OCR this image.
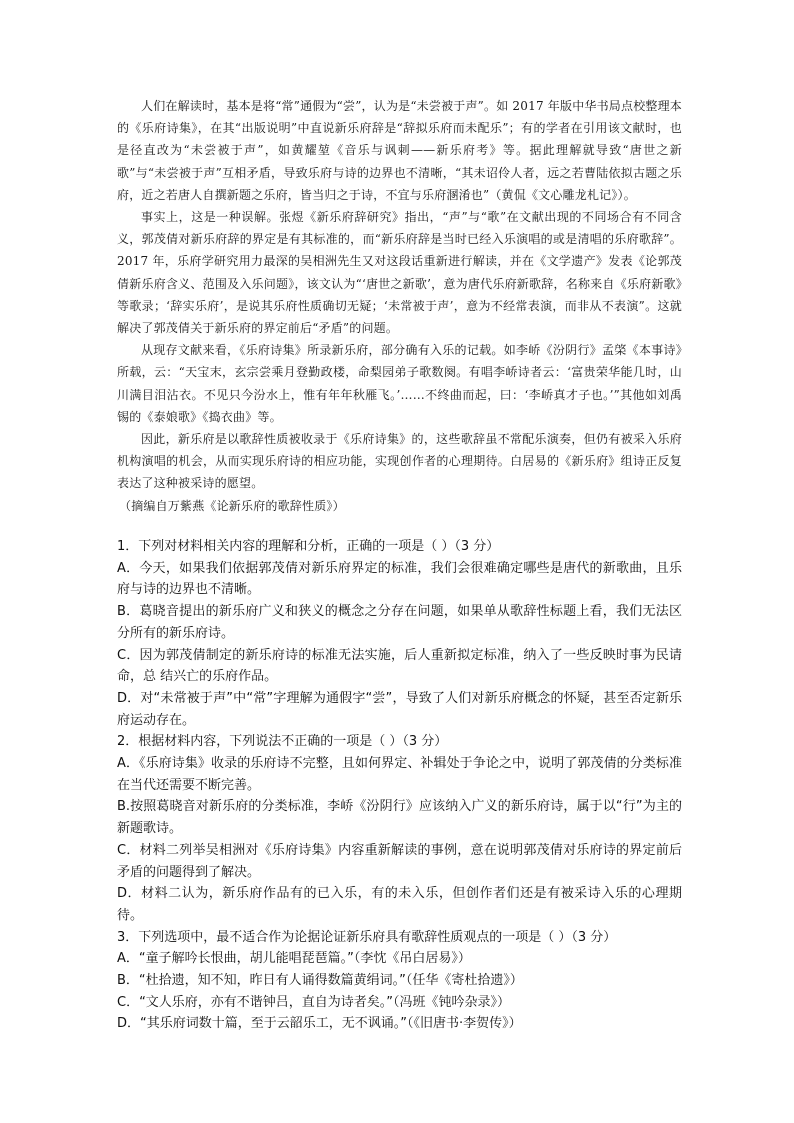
人们在解读时，基本是将“常”通假为“尝”，认为是“未尝被于声”。如 2017 年版中华书局点校整理本的《乐府诗集》，在其“出版说明”中直说新乐府辞是“辞拟乐府而未配乐”；有的学者在引用该文献时，也是径直改为“未尝被于声”，如黄耀堃《音乐与讽刺——新乐府考》等。据此理解就导致“唐世之新歌”与“未尝被于声”互相矛盾，导致乐府与诗的边界也不清晰，“其未诏伶人者，远之若曹陆依拟古题之乐府，近之若唐人自撰新题之乐府，皆当归之于诗，不宜与乐府溷淆也”（黄侃《文心雕龙札记》）。

事实上，这是一种误解。张煜《新乐府辞研究》指出，“声”与“歌”在文献出现的不同场合有不同含义，郭茂倩对新乐府辞的界定是有其标准的，而“新乐府辞是当时已经入乐演唱的或是清唱的乐府歌辞”。2017 年，乐府学研究用力最深的吴相洲先生又对这段话重新进行解读，并在《文学遗产》发表《论郭茂倩新乐府含义、范围及入乐问题》，该文认为“‘唐世之新歌’，意为唐代乐府新歌辞，名称来自《乐府新歌》等歌录；‘辞实乐府’，是说其乐府性质确切无疑；‘未常被于声’，意为不经常表演，而非从不表演”。这就解决了郭茂倩关于新乐府的界定前后“矛盾”的问题。

从现存文献来看，《乐府诗集》所录新乐府，部分确有入乐的记载。如李峤《汾阴行》孟棨《本事诗》所载，云：“天宝末，玄宗尝乘月登勤政楼，命梨园弟子歌数阕。有唱李峤诗者云：‘富贵荣华能几时，山川满目泪沾衣。不见只今汾水上，惟有年年秋雁飞。’……不终曲而起，曰：‘李峤真才子也。’”其他如刘禹锡的《泰娘歌》《捣衣曲》等。

因此，新乐府是以歌辞性质被收录于《乐府诗集》的，这些歌辞虽不常配乐演奏，但仍有被采入乐府机构演唱的机会，从而实现乐府诗的相应功能，实现创作者的心理期待。白居易的《新乐府》组诗正反复表达了这种被采诗的愿望。

（摘编自万紫燕《论新乐府的歌辞性质》）

1．下列对材料相关内容的理解和分析，正确的一项是（ ）（3 分）

A．今天，如果我们依据郭茂倩对新乐府界定的标准，我们会很难确定哪些是唐代的新歌曲，且乐府与诗的边界也不清晰。

B．葛晓音提出的新乐府广义和狭义的概念之分存在问题，如果单从歌辞性标题上看，我们无法区分所有的新乐府诗。

C．因为郭茂倩制定的新乐府诗的标准无法实施，后人重新拟定标准，纳入了一些反映时事为民请命，总 结兴亡的乐府作品。

D．对“未常被于声”中“常”字理解为通假字“尝”，导致了人们对新乐府概念的怀疑，甚至否定新乐府运动存在。

2．根据材料内容，下列说法不正确的一项是（ ）（3 分）

A．《乐府诗集》收录的乐府诗不完整，且如何界定、补辑处于争论之中，说明了郭茂倩的分类标准在当代还需要不断完善。

B.按照葛晓音对新乐府的分类标准，李峤《汾阴行》应该纳入广义的新乐府诗，属于以“行”为主的新题歌诗。

C．材料二列举吴相洲对《乐府诗集》内容重新解读的事例，意在说明郭茂倩对乐府诗的界定前后矛盾的问题得到了解决。

D．材料二认为，新乐府作品有的已入乐，有的未入乐，但创作者们还是有被采诗入乐的心理期待。

3．下列选项中，最不适合作为论据论证新乐府具有歌辞性质观点的一项是（ ）（3 分）

A．“童子解吟长恨曲，胡儿能唱琵琶篇。”（李忱《吊白居易》）

B．“杜拾遗，知不知，昨日有人诵得数篇黄绢词。”（任华《寄杜拾遗》）

C．“文人乐府，亦有不谐钟吕，直自为诗者矣。”（冯班《钝吟杂录》）

D．“其乐府词数十篇，至于云韶乐工，无不讽诵。”（《旧唐书·李贺传》）
